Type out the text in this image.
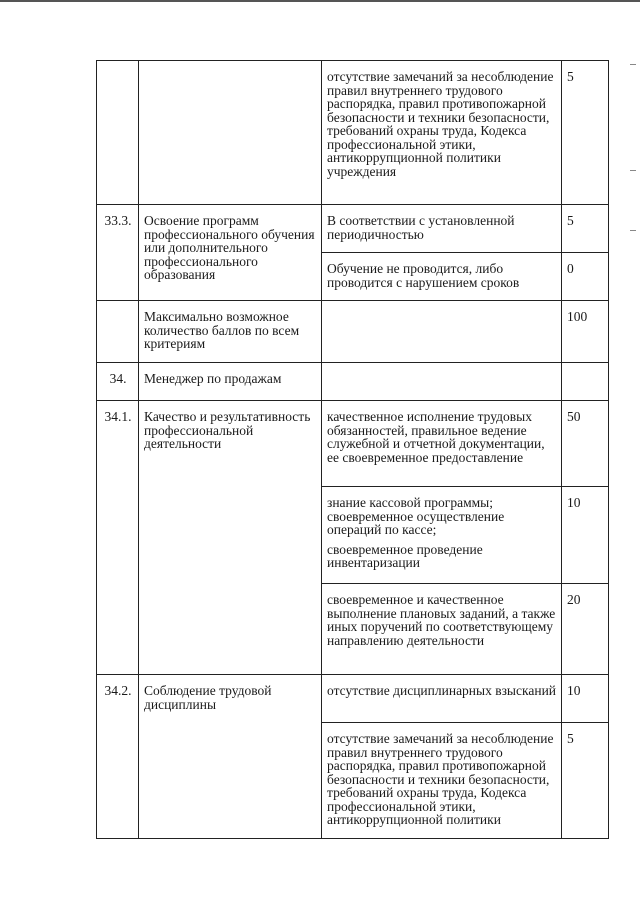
		отсутствие замечаний за несоблюдение правил внутреннего трудового распорядка, правил противопожарной безопасности и техники безопасности, требований охраны труда, Кодекса профессиональной этики, антикоррупционной политики учреждения	5
33.3.	Освоение программ профессионального обучения или дополнительного профессионального образования	В соответствии с установленной периодичностью	5
		Обучение не проводится, либо проводится с нарушением сроков	0
	Максимально возможное количество баллов по всем критериям		100
34.	Менеджер по продажам		
34.1.	Качество и результативность профессиональной деятельности	качественное исполнение трудовых обязанностей, правильное ведение служебной и отчетной документации, ее своевременное предоставление	50

		знание кассовой программы; своевременное осуществление операций по кассе;
своевременное проведение инвентаризации	10
		своевременное и качественное выполнение плановых заданий, а также иных поручений по соответствующему направлению деятельности	20
34.2.	Соблюдение трудовой дисциплины	отсутствие дисциплинарных взысканий	10
		отсутствие замечаний за несоблюдение правил внутреннего трудового распорядка, правил противопожарной безопасности и техники безопасности, требований охраны труда, Кодекса профессиональной этики, антикоррупционной политики	5
